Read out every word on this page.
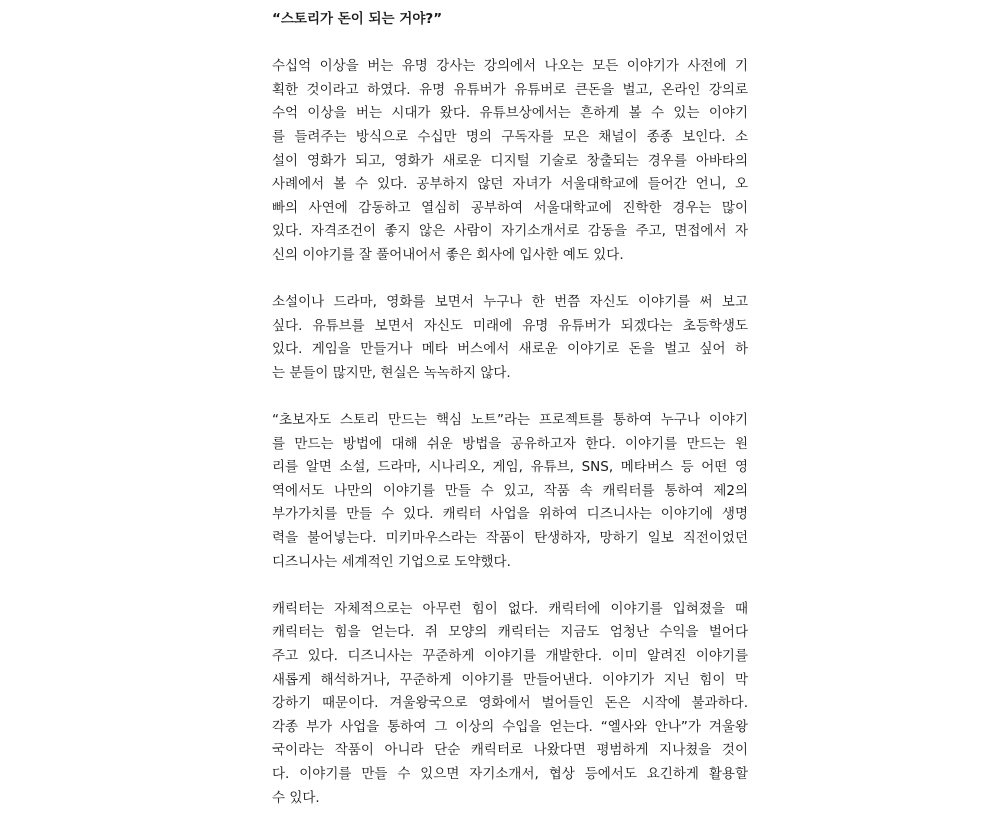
“스토리가 돈이 되는 거야?”
수십억 이상을 버는 유명 강사는 강의에서 나오는 모든 이야기가 사전에 기
획한 것이라고 하였다. 유명 유튜버가 유튜버로 큰돈을 벌고, 온라인 강의로
수억 이상을 버는 시대가 왔다. 유튜브상에서는 흔하게 볼 수 있는 이야기
를 들려주는 방식으로 수십만 명의 구독자를 모은 채널이 종종 보인다. 소
설이 영화가 되고, 영화가 새로운 디지털 기술로 창출되는 경우를 아바타의
사례에서 볼 수 있다. 공부하지 않던 자녀가 서울대학교에 들어간 언니, 오
빠의 사연에 감동하고 열심히 공부하여 서울대학교에 진학한 경우는 많이
있다. 자격조건이 좋지 않은 사람이 자기소개서로 감동을 주고, 면접에서 자
신의 이야기를 잘 풀어내어서 좋은 회사에 입사한 예도 있다.
소설이나 드라마, 영화를 보면서 누구나 한 번쯤 자신도 이야기를 써 보고
싶다. 유튜브를 보면서 자신도 미래에 유명 유튜버가 되겠다는 초등학생도
있다. 게임을 만들거나 메타 버스에서 새로운 이야기로 돈을 벌고 싶어 하
는 분들이 많지만, 현실은 녹녹하지 않다.
“초보자도 스토리 만드는 핵심 노트”라는 프로젝트를 통하여 누구나 이야기
를 만드는 방법에 대해 쉬운 방법을 공유하고자 한다. 이야기를 만드는 원
리를 알면 소설, 드라마, 시나리오, 게임, 유튜브, SNS, 메타버스 등 어떤 영
역에서도 나만의 이야기를 만들 수 있고, 작품 속 캐릭터를 통하여 제2의
부가가치를 만들 수 있다. 캐릭터 사업을 위하여 디즈니사는 이야기에 생명
력을 불어넣는다. 미키마우스라는 작품이 탄생하자, 망하기 일보 직전이었던
디즈니사는 세계적인 기업으로 도약했다.
캐릭터는 자체적으로는 아무런 힘이 없다. 캐릭터에 이야기를 입혀졌을 때
캐릭터는 힘을 얻는다. 쥐 모양의 캐릭터는 지금도 엄청난 수익을 벌어다
주고 있다. 디즈니사는 꾸준하게 이야기를 개발한다. 이미 알려진 이야기를
새롭게 해석하거나, 꾸준하게 이야기를 만들어낸다. 이야기가 지닌 힘이 막
강하기 때문이다. 겨울왕국으로 영화에서 벌어들인 돈은 시작에 불과하다.
각종 부가 사업을 통하여 그 이상의 수입을 얻는다. “엘사와 안나”가 겨울왕
국이라는 작품이 아니라 단순 캐릭터로 나왔다면 평범하게 지나쳤을 것이
다. 이야기를 만들 수 있으면 자기소개서, 협상 등에서도 요긴하게 활용할
수 있다.
